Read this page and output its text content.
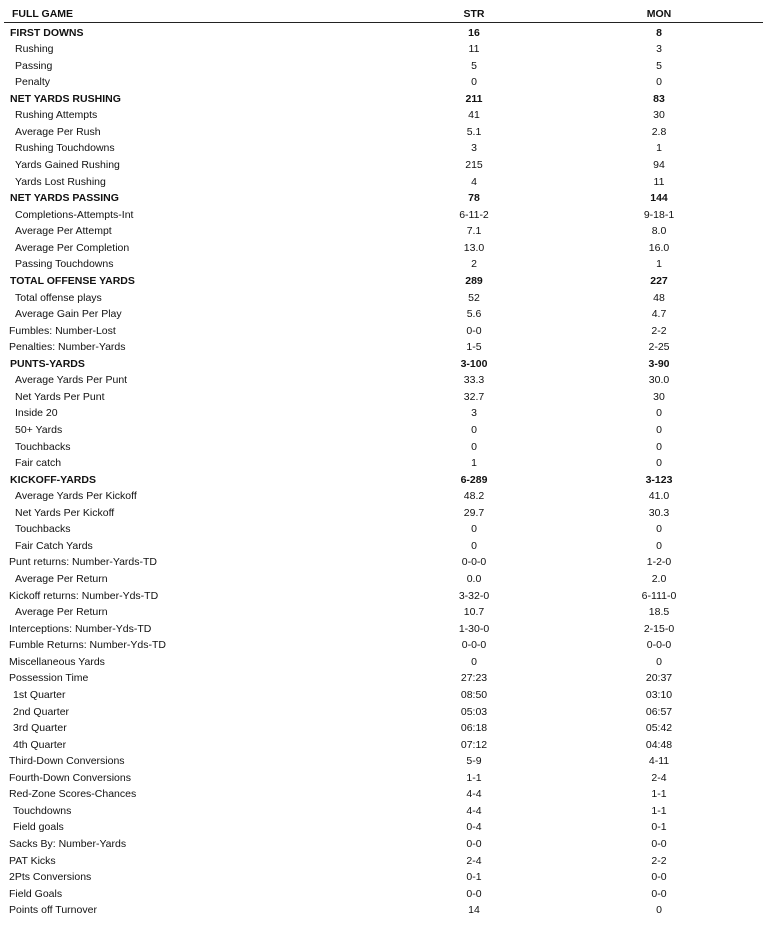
FULL GAME	STR	MON
FIRST DOWNS	16	8
Rushing	11	3
Passing	5	5
Penalty	0	0
NET YARDS RUSHING	211	83
Rushing Attempts	41	30
Average Per Rush	5.1	2.8
Rushing Touchdowns	3	1
Yards Gained Rushing	215	94
Yards Lost Rushing	4	11
NET YARDS PASSING	78	144
Completions-Attempts-Int	6-11-2	9-18-1
Average Per Attempt	7.1	8.0
Average Per Completion	13.0	16.0
Passing Touchdowns	2	1
TOTAL OFFENSE YARDS	289	227
Total offense plays	52	48
Average Gain Per Play	5.6	4.7
Fumbles: Number-Lost	0-0	2-2
Penalties: Number-Yards	1-5	2-25
PUNTS-YARDS	3-100	3-90
Average Yards Per Punt	33.3	30.0
Net Yards Per Punt	32.7	30
Inside 20	3	0
50+ Yards	0	0
Touchbacks	0	0
Fair catch	1	0
KICKOFF-YARDS	6-289	3-123
Average Yards Per Kickoff	48.2	41.0
Net Yards Per Kickoff	29.7	30.3
Touchbacks	0	0
Fair Catch Yards	0	0
Punt returns: Number-Yards-TD	0-0-0	1-2-0
Average Per Return	0.0	2.0
Kickoff returns: Number-Yds-TD	3-32-0	6-111-0
Average Per Return	10.7	18.5
Interceptions: Number-Yds-TD	1-30-0	2-15-0
Fumble Returns: Number-Yds-TD	0-0-0	0-0-0
Miscellaneous Yards	0	0
Possession Time	27:23	20:37
1st Quarter	08:50	03:10
2nd Quarter	05:03	06:57
3rd Quarter	06:18	05:42
4th Quarter	07:12	04:48
Third-Down Conversions	5-9	4-11
Fourth-Down Conversions	1-1	2-4
Red-Zone Scores-Chances	4-4	1-1
Touchdowns	4-4	1-1
Field goals	0-4	0-1
Sacks By: Number-Yards	0-0	0-0
PAT Kicks	2-4	2-2
2Pts Conversions	0-1	0-0
Field Goals	0-0	0-0
Points off Turnover	14	0
